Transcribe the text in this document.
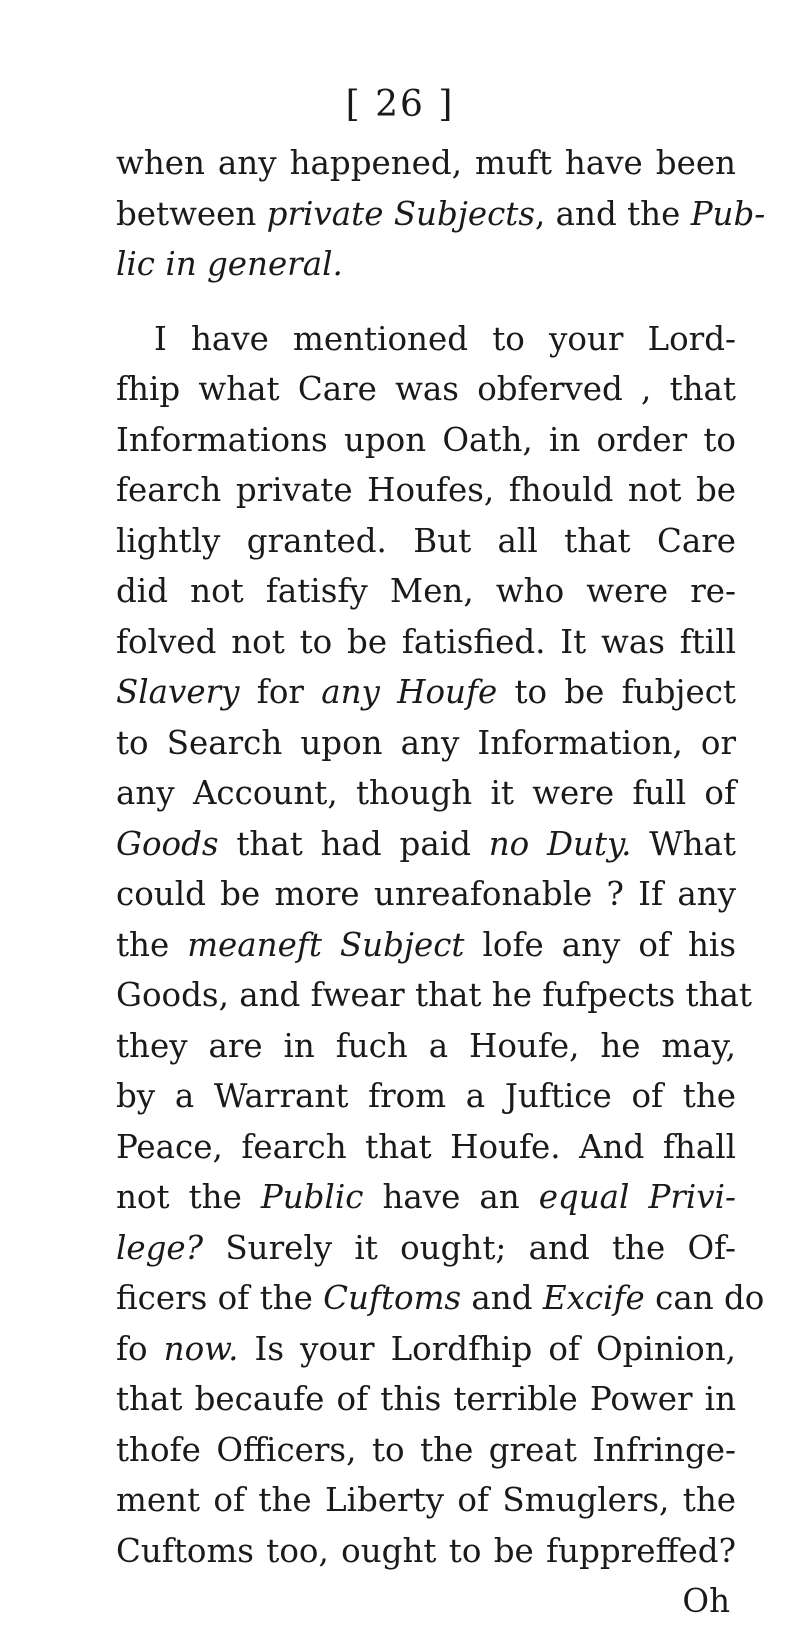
[ 26 ]
when any happened, muft have been
between private Subjects, and the Pub-
lic in general.
I have mentioned to your Lord-
fhip what Care was obferved , that
Informations upon Oath, in order to
fearch private Houfes, fhould not be
lightly granted. But all that Care
did not fatisfy Men, who were re-
folved not to be fatisfied. It was ftill
Slavery for any Houfe to be fubject
to Search upon any Information, or
any Account, though it were full of
Goods that had paid no Duty. What
could be more unreafonable ? If any
the meaneft Subject lofe any of his
Goods, and fwear that he fufpects that
they are in fuch a Houfe, he may,
by a Warrant from a Juftice of the
Peace, fearch that Houfe. And fhall
not the Public have an equal Privi-
lege? Surely it ought; and the Of-
ficers of the Cuftoms and Excife can do
fo now. Is your Lordfhip of Opinion,
that becaufe of this terrible Power in
thofe Officers, to the great Infringe-
ment of the Liberty of Smuglers, the
Cuftoms too, ought to be fuppreffed?
Oh
